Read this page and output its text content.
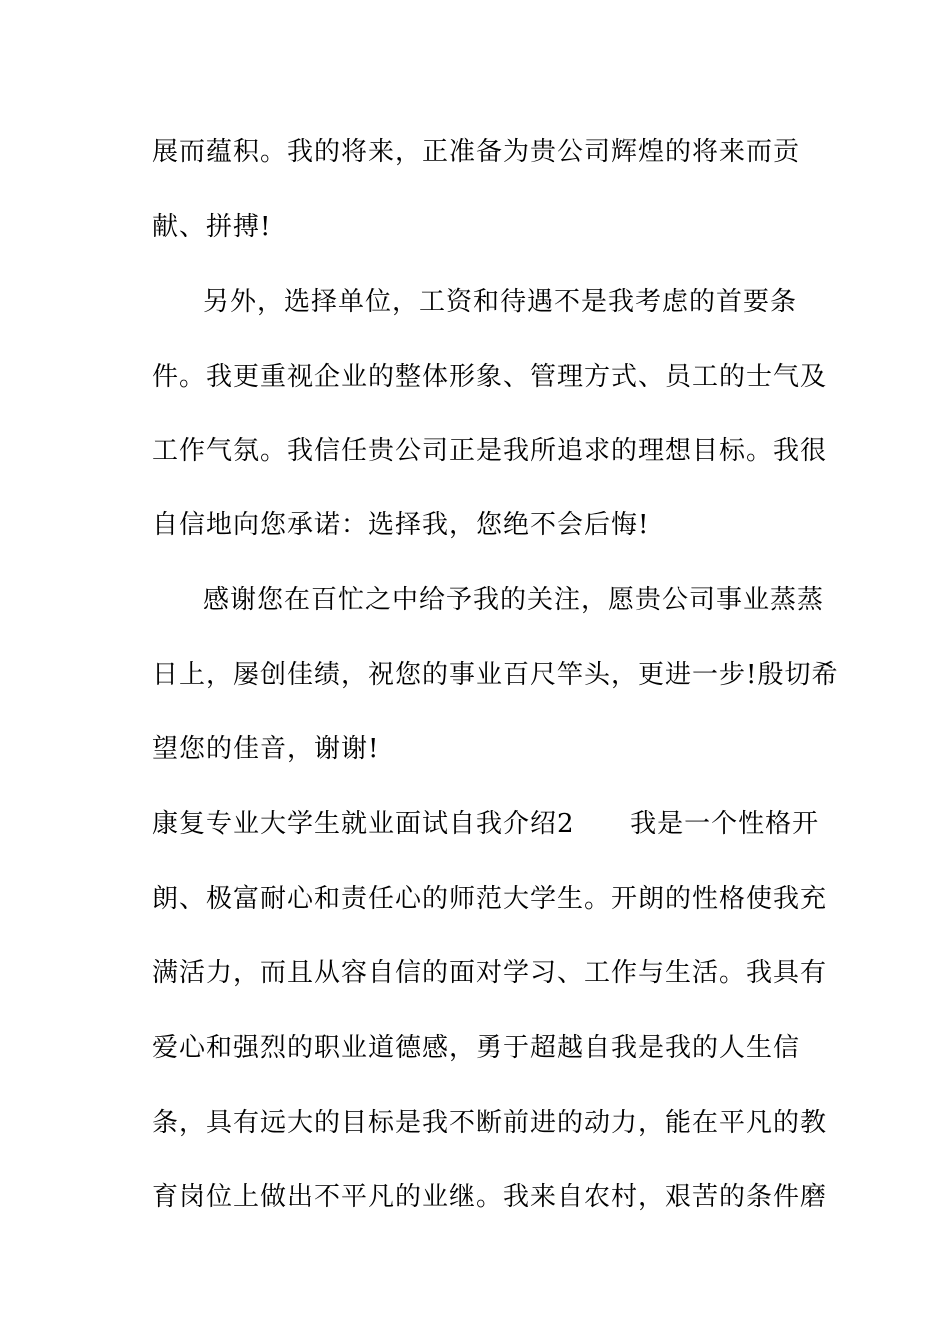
展而蕴积。我的将来，正准备为贵公司辉煌的将来而贡
献、拼搏!
另外，选择单位，工资和待遇不是我考虑的首要条
件。我更重视企业的整体形象、管理方式、员工的士气及
工作气氛。我信任贵公司正是我所追求的理想目标。我很
自信地向您承诺：选择我，您绝不会后悔!
感谢您在百忙之中给予我的关注，愿贵公司事业蒸蒸
日上，屡创佳绩，祝您的事业百尺竿头，更进一步!殷切希
望您的佳音，谢谢!
康复专业大学生就业面试自我介绍2      我是一个性格开
朗、极富耐心和责任心的师范大学生。开朗的性格使我充
满活力，而且从容自信的面对学习、工作与生活。我具有
爱心和强烈的职业道德感，勇于超越自我是我的人生信
条，具有远大的目标是我不断前进的动力，能在平凡的教
育岗位上做出不平凡的业继。我来自农村，艰苦的条件磨
